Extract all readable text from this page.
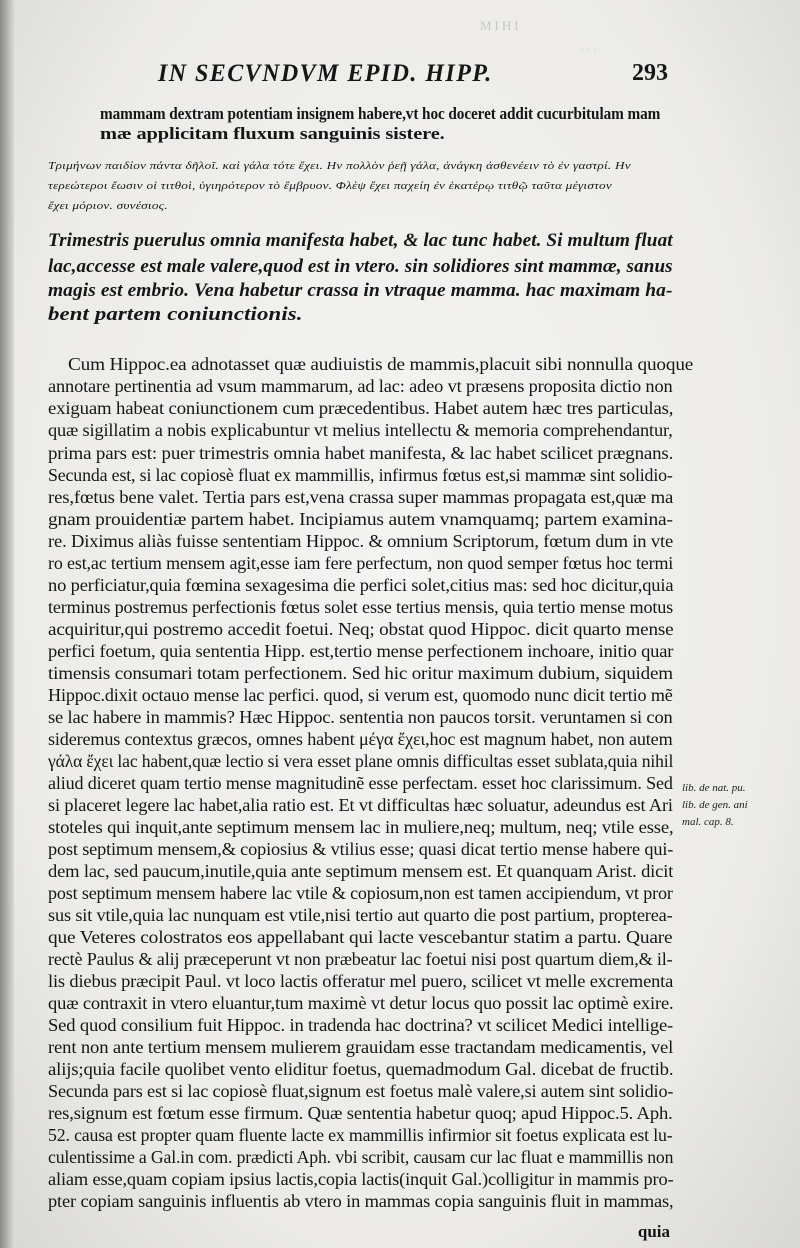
MIHI
···
IN SECVNDVM EPID. HIPP.	293
mammam dextram potentiam insignem habere,vt hoc doceret addit cucurbitulam mam
mæ applicitam fluxum sanguinis sistere.
Τριμήνων παιδίον πάντα δῆλοῖ. καὶ γάλα τότε ἔχει. Ην πολλὸν ῥεῇ γάλα, ἀνάγκη ἀσθενέειν τὸ ἐν γαστρί. Ην
τερεώτεροι ἔωσιν οἱ τιτθοὶ, ὑγιηρότερον τὸ ἔμβρυον. Φλὲψ ἔχει παχείη ἐν ἑκατέρῳ τιτθῷ ταῦτα μέγιστον
ἔχει μόριον. συνέσιος.
Trimestris puerulus omnia manifesta habet, & lac tunc habet. Si multum fluat
lac,accesse est male valere,quod est in vtero. sin solidiores sint mammæ, sanus
magis est embrio. Vena habetur crassa in vtraque mamma. hac maximam ha-
bent partem coniunctionis.
Cum Hippoc.ea adnotasset quæ audiuistis de mammis,placuit sibi nonnulla quoque
annotare pertinentia ad vsum mammarum, ad lac: adeo vt præsens proposita dictio non
exiguam habeat coniunctionem cum præcedentibus. Habet autem hæc tres particulas,
quæ sigillatim a nobis explicabuntur vt melius intellectu & memoria comprehendantur,
prima pars est: puer trimestris omnia habet manifesta, & lac habet scilicet prægnans.
Secunda est, si lac copiosè fluat ex mammillis, infirmus fœtus est,si mammæ sint solidio-
res,fœtus bene valet. Tertia pars est,vena crassa super mammas propagata est,quæ ma
gnam prouidentiæ partem habet. Incipiamus autem vnamquamq; partem examina-
re. Diximus aliàs fuisse sententiam Hippoc. & omnium Scriptorum, fœtum dum in vte
ro est,ac tertium mensem agit,esse iam fere perfectum, non quod semper fœtus hoc termi
no perficiatur,quia fœmina sexagesima die perfici solet,citius mas: sed hoc dicitur,quia
terminus postremus perfectionis fœtus solet esse tertius mensis, quia tertio mense motus
acquiritur,qui postremo accedit foetui. Neq; obstat quod Hippoc. dicit quarto mense
perfici foetum, quia sententia Hipp. est,tertio mense perfectionem inchoare, initio quar
timensis consumari totam perfectionem. Sed hic oritur maximum dubium, siquidem
Hippoc.dixit octauo mense lac perfici. quod, si verum est, quomodo nunc dicit tertio mẽ
se lac habere in mammis? Hæc Hippoc. sententia non paucos torsit. veruntamen si con
sideremus contextus græcos, omnes habent μέγα ἔχει,hoc est magnum habet, non autem
γάλα ἔχει lac habent,quæ lectio si vera esset plane omnis difficultas esset sublata,quia nihil
aliud diceret quam tertio mense magnitudinẽ esse perfectam. esset hoc clarissimum. Sed
si placeret legere lac habet,alia ratio est. Et vt difficultas hæc soluatur, adeundus est Ari
stoteles qui inquit,ante septimum mensem lac in muliere,neq; multum, neq; vtile esse,
post septimum mensem,& copiosius & vtilius esse; quasi dicat tertio mense habere qui-
dem lac, sed paucum,inutile,quia ante septimum mensem est. Et quanquam Arist. dicit
post septimum mensem habere lac vtile & copiosum,non est tamen accipiendum, vt pror
sus sit vtile,quia lac nunquam est vtile,nisi tertio aut quarto die post partium, propterea-
que Veteres colostratos eos appellabant qui lacte vescebantur statim a partu. Quare
rectè Paulus & alij præceperunt vt non præbeatur lac foetui nisi post quartum diem,& il-
lis diebus præcipit Paul. vt loco lactis offeratur mel puero, scilicet vt melle excrementa
quæ contraxit in vtero eluantur,tum maximè vt detur locus quo possit lac optimè exire.
Sed quod consilium fuit Hippoc. in tradenda hac doctrina? vt scilicet Medici intellige-
rent non ante tertium mensem mulierem grauidam esse tractandam medicamentis, vel
alijs;quia facile quolibet vento eliditur foetus, quemadmodum Gal. dicebat de fructib.
Secunda pars est si lac copiosè fluat,signum est foetus malè valere,si autem sint solidio-
res,signum est fœtum esse firmum. Quæ sententia habetur quoq; apud Hippoc.5. Aph.
52. causa est propter quam fluente lacte ex mammillis infirmior sit foetus explicata est lu-
culentissime a Gal.in com. prædicti Aph. vbi scribit, causam cur lac fluat e mammillis non
aliam esse,quam copiam ipsius lactis,copia lactis(inquit Gal.)colligitur in mammis pro-
pter copiam sanguinis influentis ab vtero in mammas copia sanguinis fluit in mammas,
lib. de nat. pu.
lib. de gen. ani
mal. cap. 8.
quia
